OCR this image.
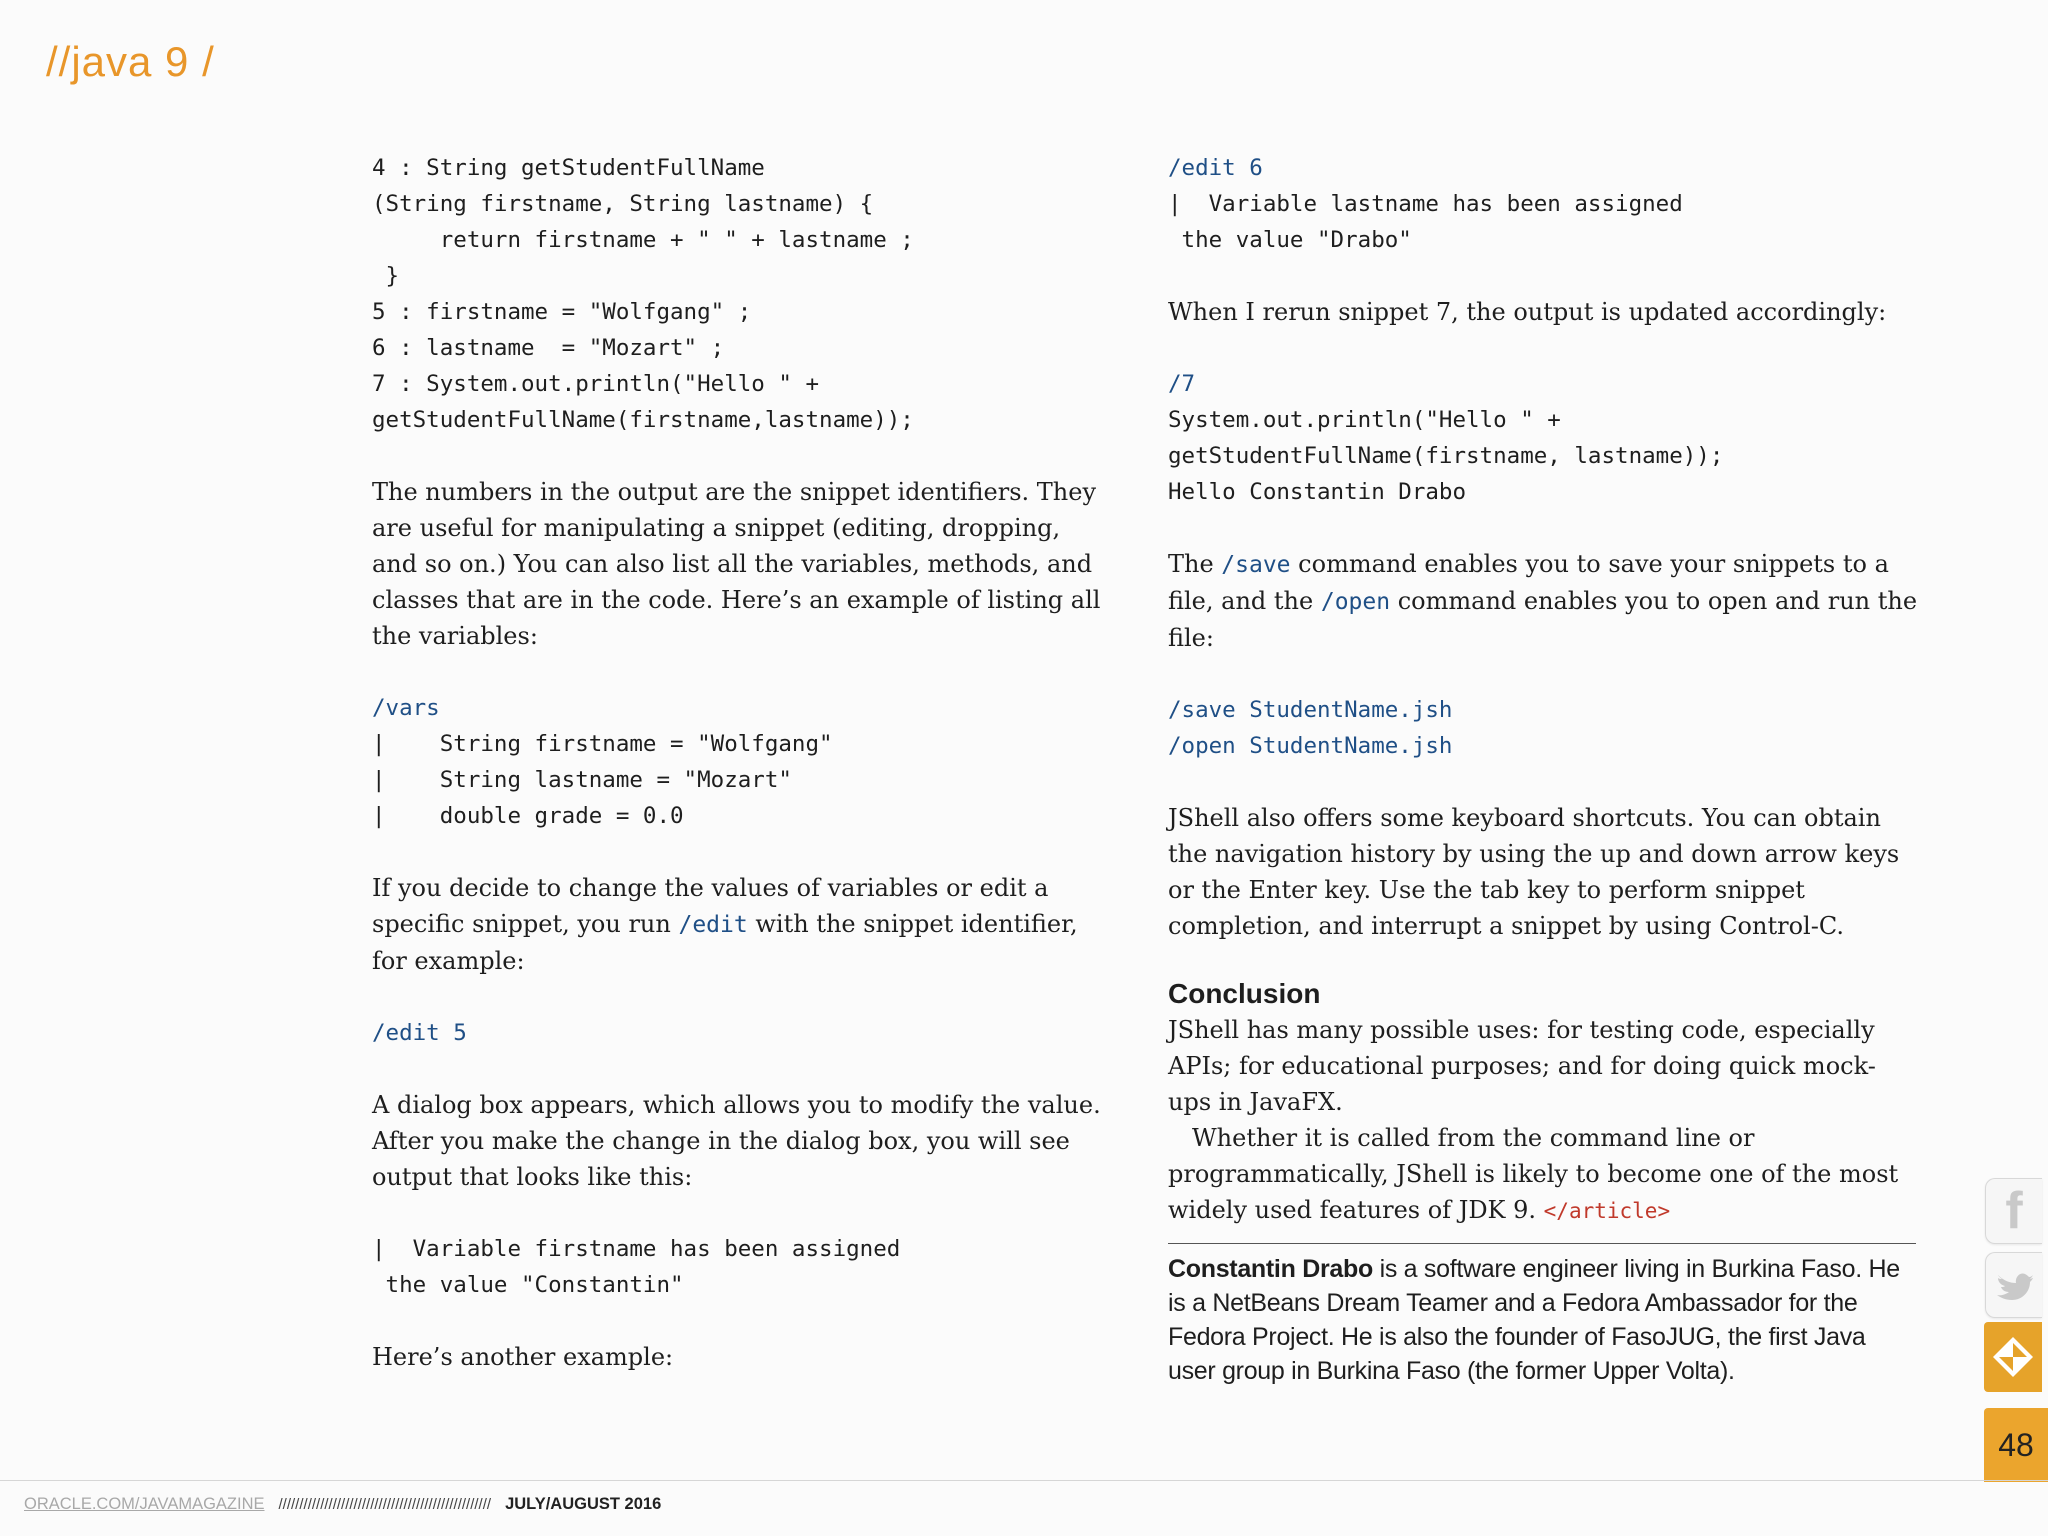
//java 9 /
4 : String getStudentFullName
(String firstname, String lastname) {
return firstname + " " + lastname ;
}
5 : firstname = "Wolfgang" ;
6 : lastname  = "Mozart" ;
7 : System.out.println("Hello " +
getStudentFullName(firstname,lastname));

The numbers in the output are the snippet identifiers. They are useful for manipulating a snippet (editing, dropping, and so on.) You can also list all the variables, methods, and classes that are in the code. Here’s an example of listing all the variables:

/vars
|    String firstname = "Wolfgang"
|    String lastname = "Mozart"
|    double grade = 0.0

If you decide to change the values of variables or edit a specific snippet, you run /edit with the snippet identifier, for example:

/edit 5

A dialog box appears, which allows you to modify the value. After you make the change in the dialog box, you will see output that looks like this:

|  Variable firstname has been assigned
the value "Constantin"

Here’s another example:

/edit 6
|  Variable lastname has been assigned
the value "Drabo"

When I rerun snippet 7, the output is updated accordingly:

/7
System.out.println("Hello " +
getStudentFullName(firstname, lastname));
Hello Constantin Drabo

The /save command enables you to save your snippets to a file, and the /open command enables you to open and run the file:

/save StudentName.jsh
/open StudentName.jsh

JShell also offers some keyboard shortcuts. You can obtain the navigation history by using the up and down arrow keys or the Enter key. Use the tab key to perform snippet completion, and interrupt a snippet by using Control-C.

Conclusion

JShell has many possible uses: for testing code, especially APIs; for educational purposes; and for doing quick mock-ups in JavaFX.

Whether it is called from the command line or programmatically, JShell is likely to become one of the most widely used features of JDK 9. </article>

Constantin Drabo is a software engineer living in Burkina Faso. He is a NetBeans Dream Teamer and a Fedora Ambassador for the Fedora Project. He is also the founder of FasoJUG, the first Java user group in Burkina Faso (the former Upper Volta).

f
48
ORACLE.COM/JAVAMAGAZINE /////////////////////////////////////////////////// JULY/AUGUST 2016
